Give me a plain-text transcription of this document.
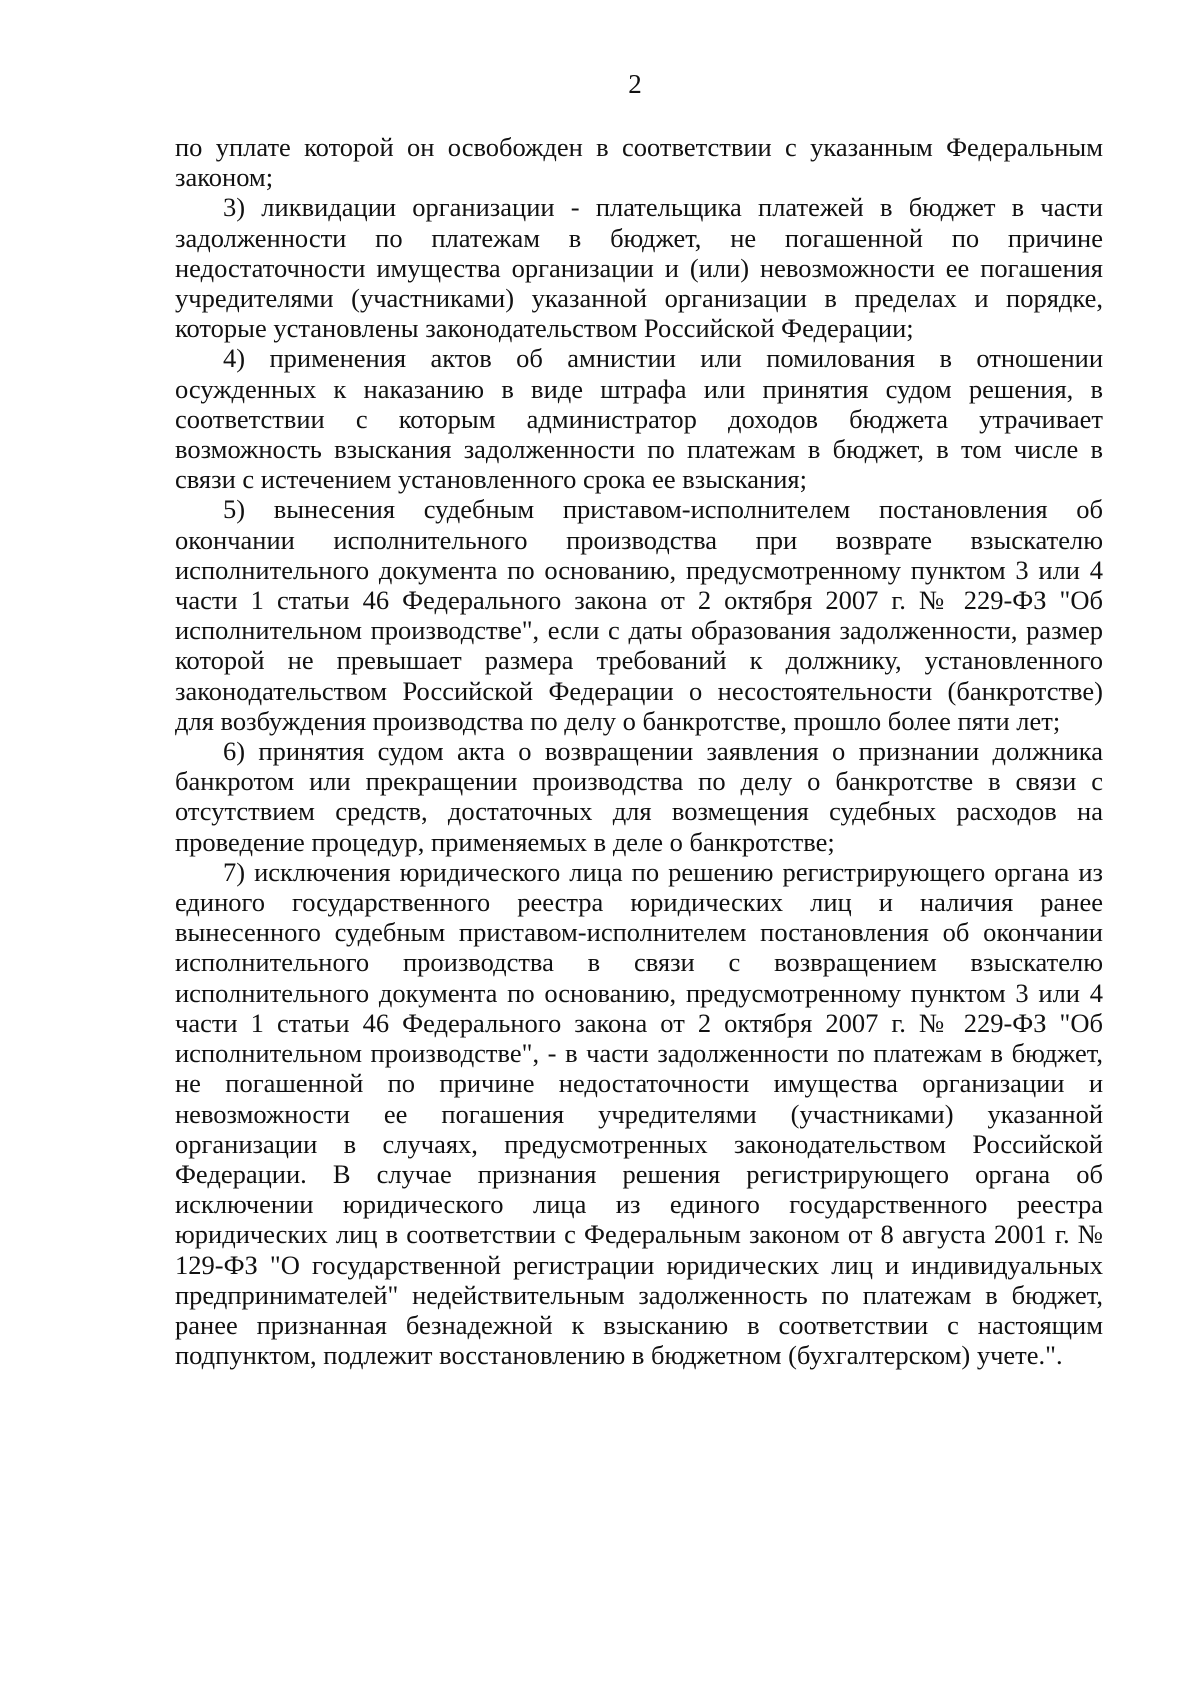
2

по уплате которой он освобожден в соответствии с указанным Федеральным законом;

3) ликвидации организации - плательщика платежей в бюджет в части задолженности по платежам в бюджет, не погашенной по причине недостаточности имущества организации и (или) невозможности ее погашения учредителями (участниками) указанной организации в пределах и порядке, которые установлены законодательством Российской Федерации;

4) применения актов об амнистии или помилования в отношении осужденных к наказанию в виде штрафа или принятия судом решения, в соответствии с которым администратор доходов бюджета утрачивает возможность взыскания задолженности по платежам в бюджет, в том числе в связи с истечением установленного срока ее взыскания;

5) вынесения судебным приставом-исполнителем постановления об окончании исполнительного производства при возврате взыскателю исполнительного документа по основанию, предусмотренному пунктом 3 или 4 части 1 статьи 46 Федерального закона от 2 октября 2007 г. № 229-ФЗ "Об исполнительном производстве", если с даты образования задолженности, размер которой не превышает размера требований к должнику, установленного законодательством Российской Федерации о несостоятельности (банкротстве) для возбуждения производства по делу о банкротстве, прошло более пяти лет;

6) принятия судом акта о возвращении заявления о признании должника банкротом или прекращении производства по делу о банкротстве в связи с отсутствием средств, достаточных для возмещения судебных расходов на проведение процедур, применяемых в деле о банкротстве;

7) исключения юридического лица по решению регистрирующего органа из единого государственного реестра юридических лиц и наличия ранее вынесенного судебным приставом-исполнителем постановления об окончании исполнительного производства в связи с возвращением взыскателю исполнительного документа по основанию, предусмотренному пунктом 3 или 4 части 1 статьи 46 Федерального закона от 2 октября 2007 г. № 229-ФЗ "Об исполнительном производстве", - в части задолженности по платежам в бюджет, не погашенной по причине недостаточности имущества организации и невозможности ее погашения учредителями (участниками) указанной организации в случаях, предусмотренных законодательством Российской Федерации. В случае признания решения регистрирующего органа об исключении юридического лица из единого государственного реестра юридических лиц в соответствии с Федеральным законом от 8 августа 2001 г. № 129-ФЗ "О государственной регистрации юридических лиц и индивидуальных предпринимателей" недействительным задолженность по платежам в бюджет, ранее признанная безнадежной к взысканию в соответствии с настоящим подпунктом, подлежит восстановлению в бюджетном (бухгалтерском) учете.".
